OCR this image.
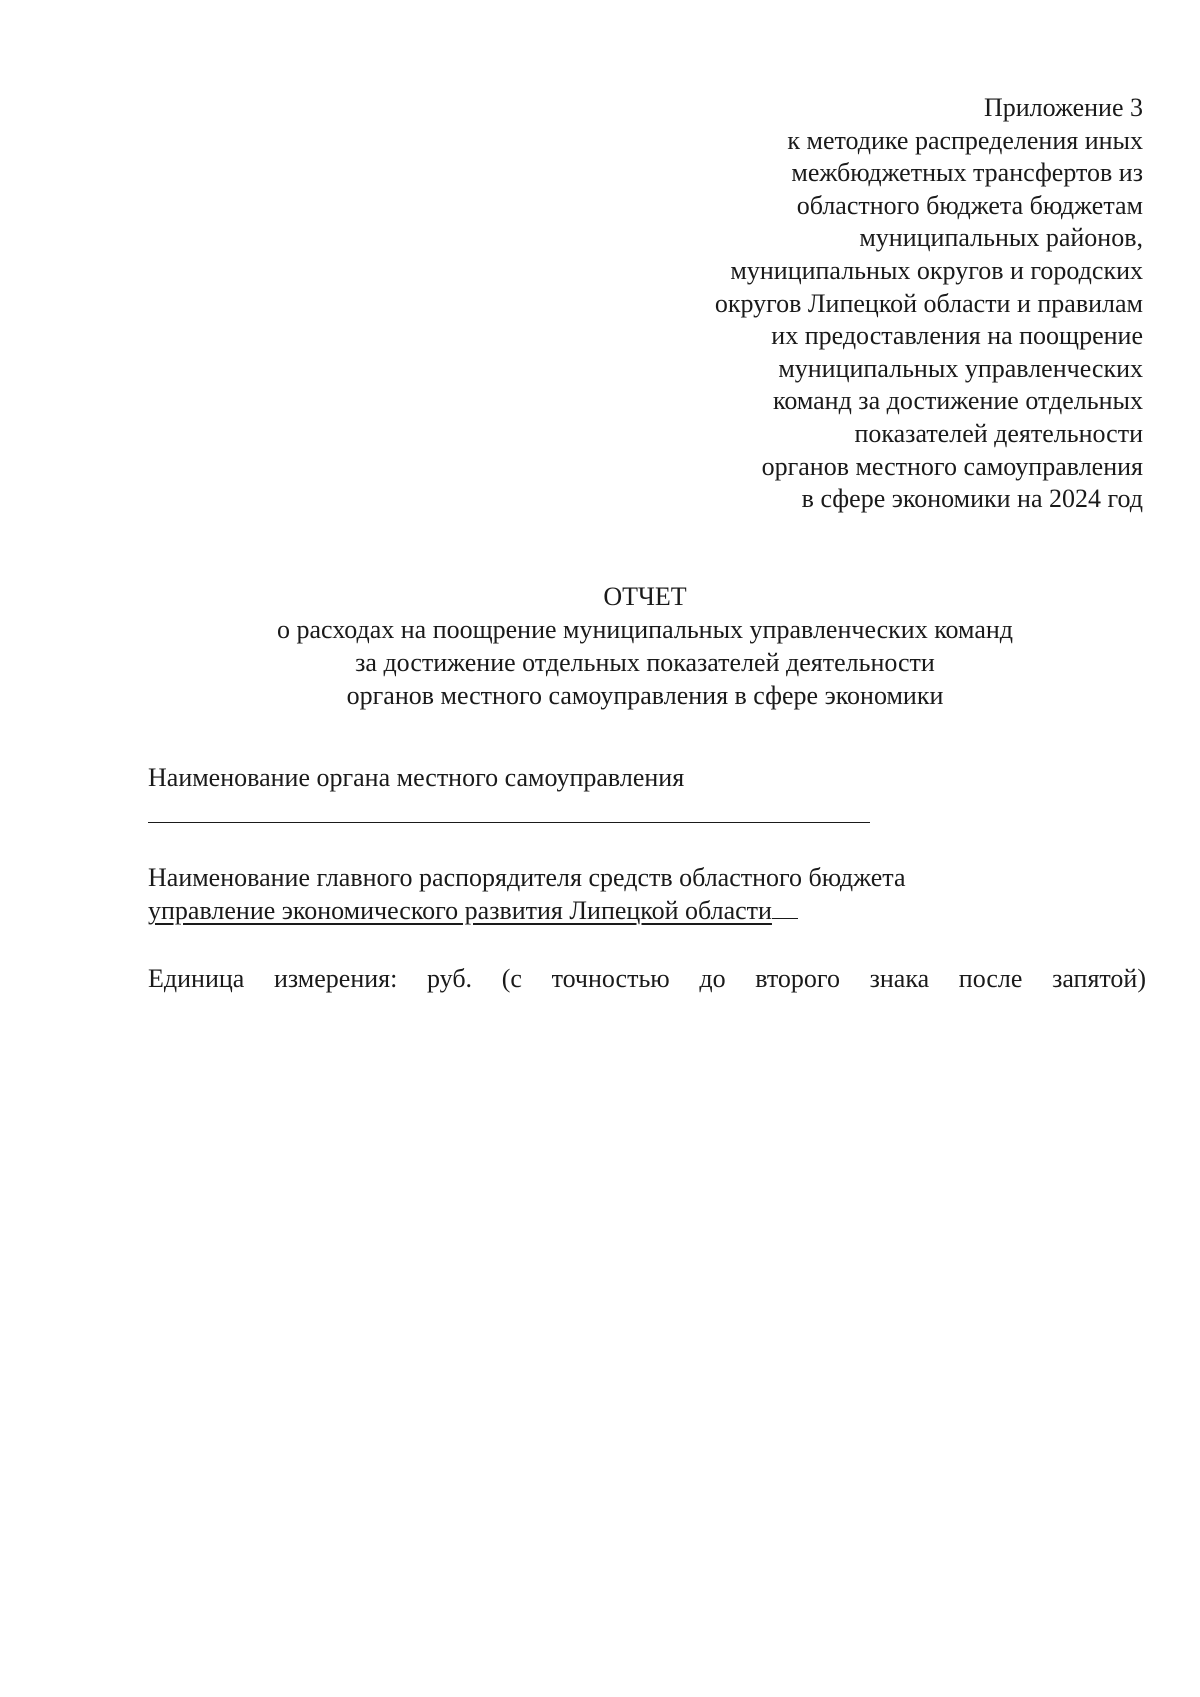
Приложение 3
к методике распределения иных
межбюджетных трансфертов из
областного бюджета бюджетам
муниципальных районов,
муниципальных округов и городских
округов Липецкой области и правилам
их предоставления на поощрение
муниципальных управленческих
команд за достижение отдельных
показателей деятельности
органов местного самоуправления
в сфере экономики на 2024 год
ОТЧЕТ
о расходах на поощрение муниципальных управленческих команд
за достижение отдельных показателей деятельности
органов местного самоуправления в сфере экономики
Наименование органа местного самоуправления
Наименование главного распорядителя средств областного бюджета
управление экономического развития Липецкой области
Единица измерения: руб. (с точностью до второго знака после запятой)
